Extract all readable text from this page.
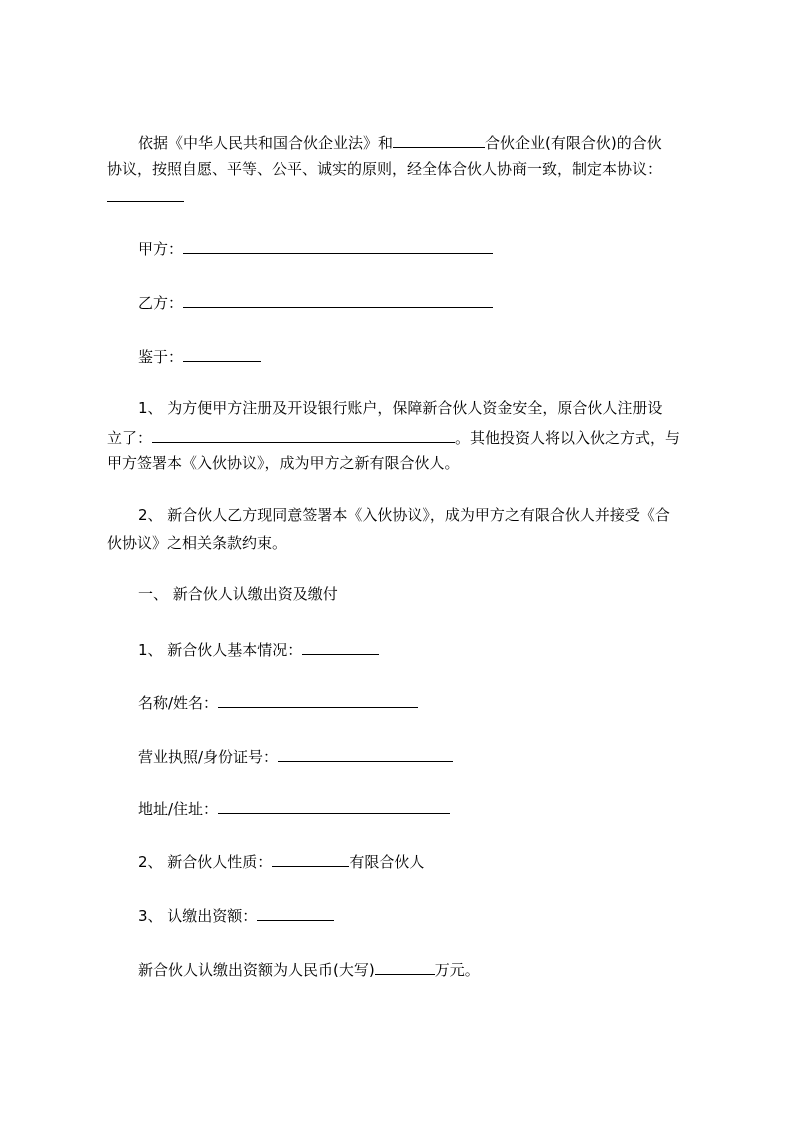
依据《中华人民共和国合伙企业法》和	合伙企业(有限合伙)的合伙
协议，按照自愿、平等、公平、诚实的原则，经全体合伙人协商一致，制定本协议：
甲方：
乙方：
鉴于：
1、 为方便甲方注册及开设银行账户，保障新合伙人资金安全，原合伙人注册设
立了：	。其他投资人将以入伙之方式，与
甲方签署本《入伙协议》，成为甲方之新有限合伙人。
2、 新合伙人乙方现同意签署本《入伙协议》，成为甲方之有限合伙人并接受《合
伙协议》之相关条款约束。
一、 新合伙人认缴出资及缴付
1、 新合伙人基本情况：
名称/姓名：
营业执照/身份证号：
地址/住址：
2、 新合伙人性质：	有限合伙人
3、 认缴出资额：
新合伙人认缴出资额为人民币(大写)	万元。
